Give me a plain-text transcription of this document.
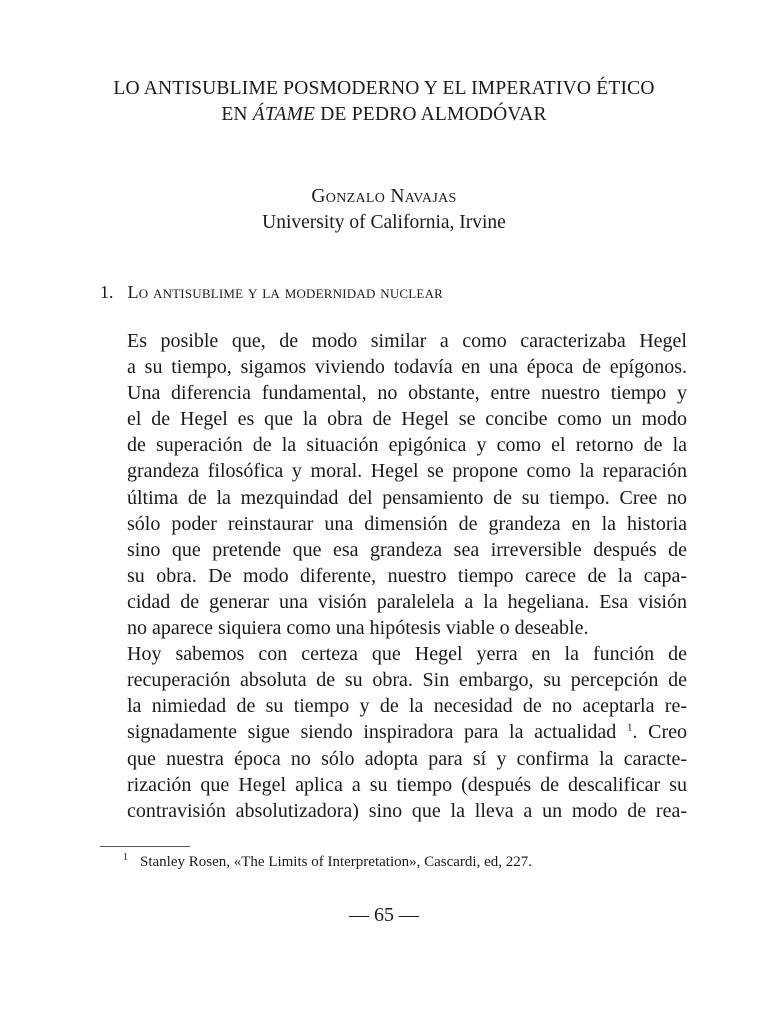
LO ANTISUBLIME POSMODERNO Y EL IMPERATIVO ÉTICO
EN ÁTAME DE PEDRO ALMODÓVAR
Gonzalo Navajas
University of California, Irvine
1. Lo antisublime y la modernidad nuclear

Es posible que, de modo similar a como caracterizaba Hegel
a su tiempo, sigamos viviendo todavía en una época de epígonos.
Una diferencia fundamental, no obstante, entre nuestro tiempo y
el de Hegel es que la obra de Hegel se concibe como un modo
de superación de la situación epigónica y como el retorno de la
grandeza filosófica y moral. Hegel se propone como la reparación
última de la mezquindad del pensamiento de su tiempo. Cree no
sólo poder reinstaurar una dimensión de grandeza en la historia
sino que pretende que esa grandeza sea irreversible después de
su obra. De modo diferente, nuestro tiempo carece de la capa-
cidad de generar una visión paralelela a la hegeliana. Esa visión
no aparece siquiera como una hipótesis viable o deseable.

Hoy sabemos con certeza que Hegel yerra en la función de
recuperación absoluta de su obra. Sin embargo, su percepción de
la nimiedad de su tiempo y de la necesidad de no aceptarla re-
signadamente sigue siendo inspiradora para la actualidad $^1$. Creo
que nuestra época no sólo adopta para sí y confirma la caracte-
rización que Hegel aplica a su tiempo (después de descalificar su
contravisión absolutizadora) sino que la lleva a un modo de rea-

$^1$ Stanley Rosen, «The Limits of Interpretation», Cascardi, ed, 227.
— 65 —
